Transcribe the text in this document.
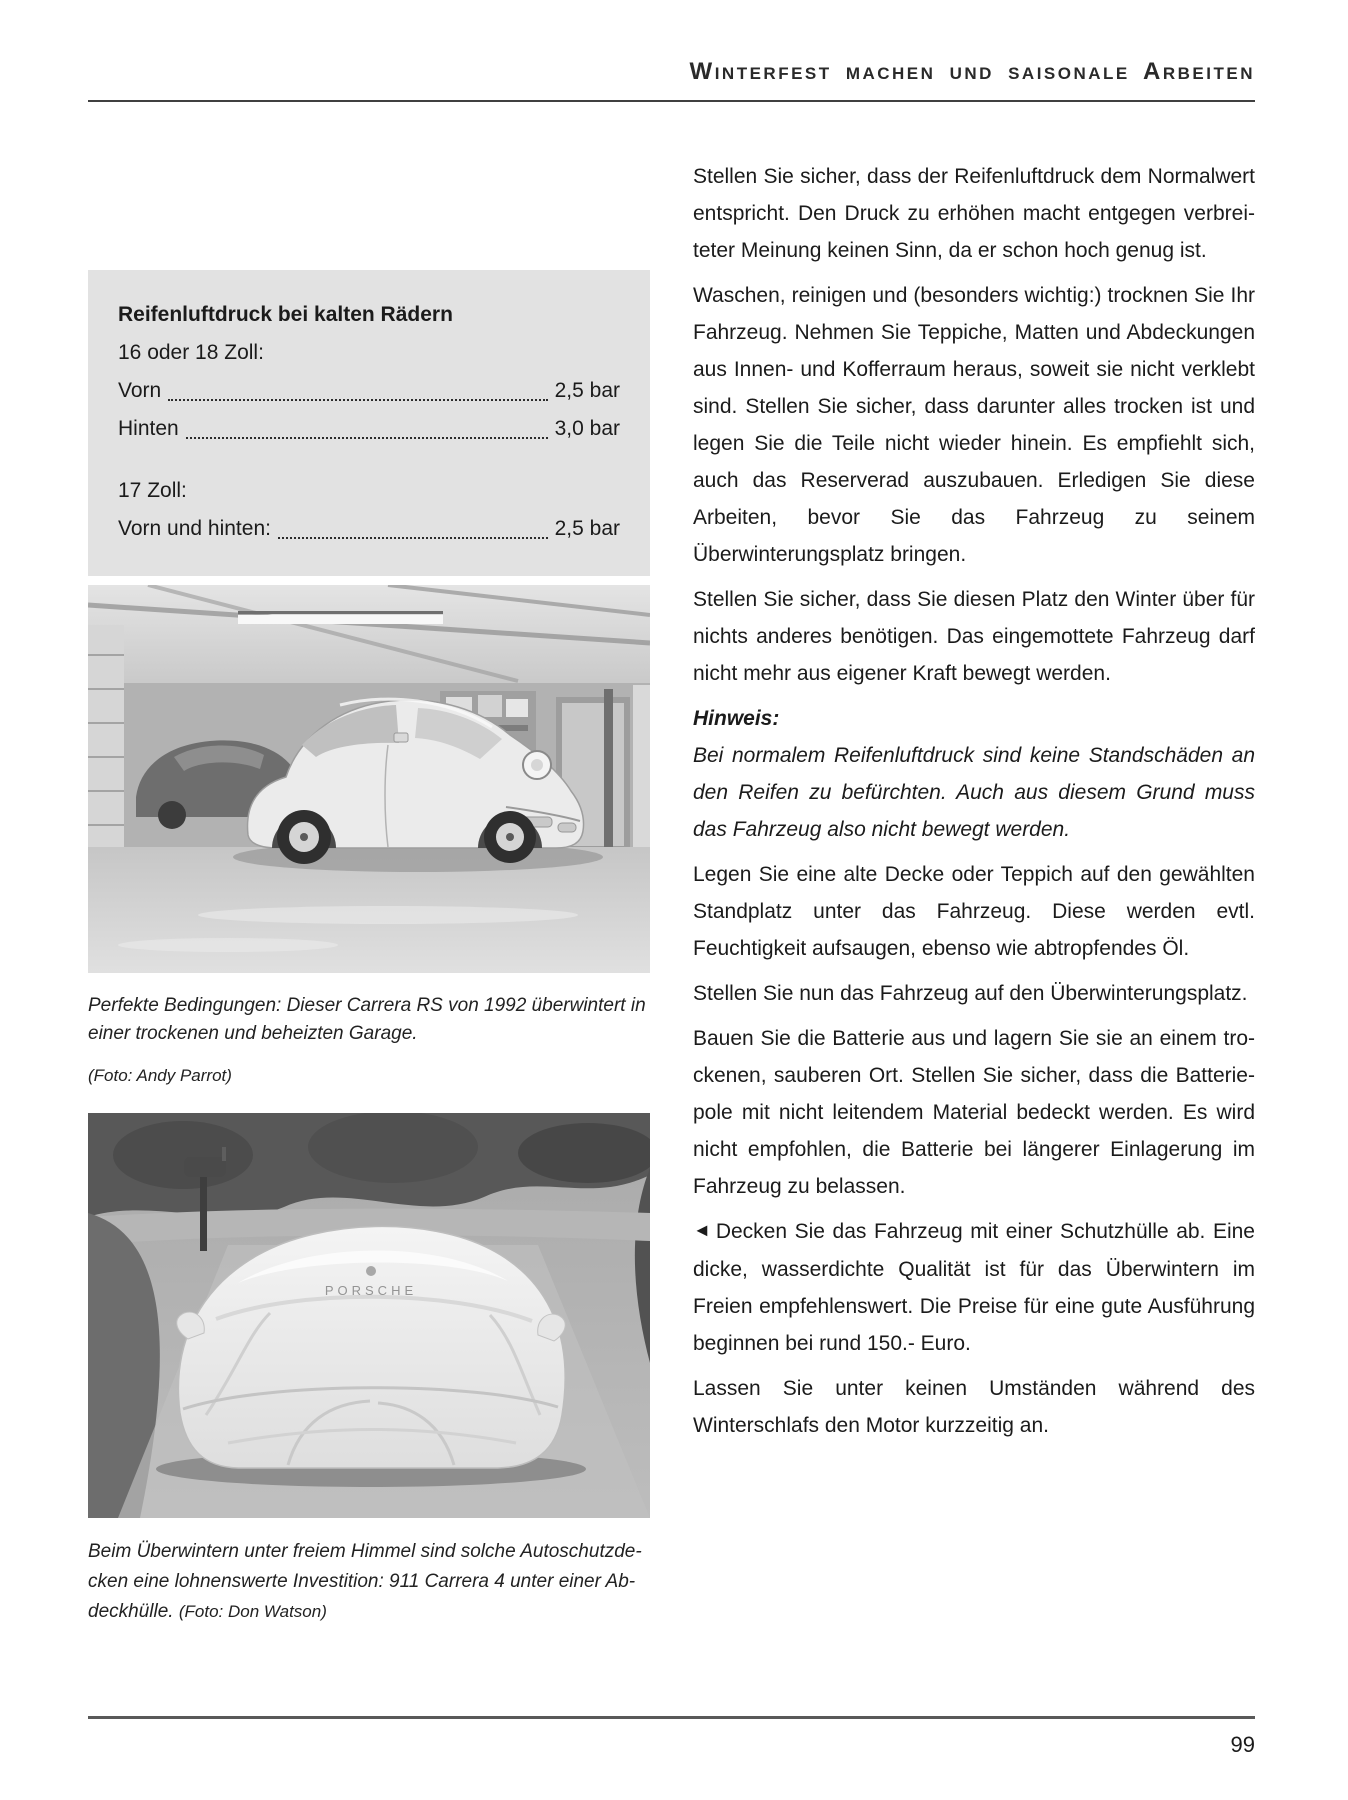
Winterfest machen und saisonale Arbeiten
Reifenluftdruck bei kalten Rädern
16 oder 18 Zoll:
Vorn	2,5 bar
Hinten	3,0 bar
17 Zoll:
Vorn und hinten:	2,5 bar
Perfekte Bedingungen: Dieser Carrera RS von 1992 überwintert in einer trockenen und beheizten Garage.
(Foto: Andy Parrot)
PORSCHE
Beim Überwintern unter freiem Himmel sind solche Autoschutzdecken eine lohnenswerte Investition: 911 Carrera 4 unter einer Abdeckhülle. (Foto: Don Watson)

Stellen Sie sicher, dass der Reifenluftdruck dem Normalwert entspricht. Den Druck zu erhöhen macht entgegen verbreiteter Meinung keinen Sinn, da er schon hoch genug ist.

Waschen, reinigen und (besonders wichtig:) trocknen Sie Ihr Fahrzeug. Nehmen Sie Teppiche, Matten und Abdeckungen aus Innen- und Kofferraum heraus, soweit sie nicht verklebt sind. Stellen Sie sicher, dass darunter alles trocken ist und legen Sie die Teile nicht wieder hinein. Es empfiehlt sich, auch das Reserverad auszubauen. Erledigen Sie diese Arbeiten, bevor Sie das Fahrzeug zu seinem Überwinterungsplatz bringen.

Stellen Sie sicher, dass Sie diesen Platz den Winter über für nichts anderes benötigen. Das eingemottete Fahrzeug darf nicht mehr aus eigener Kraft bewegt werden.

Hinweis:
Bei normalem Reifenluftdruck sind keine Standschäden an den Reifen zu befürchten. Auch aus diesem Grund muss das Fahrzeug also nicht bewegt werden.

Legen Sie eine alte Decke oder Teppich auf den gewählten Standplatz unter das Fahrzeug. Diese werden evtl. Feuchtigkeit aufsaugen, ebenso wie abtropfendes Öl.

Stellen Sie nun das Fahrzeug auf den Überwinterungsplatz.

Bauen Sie die Batterie aus und lagern Sie sie an einem trockenen, sauberen Ort. Stellen Sie sicher, dass die Batteriepole mit nicht leitendem Material bedeckt werden. Es wird nicht empfohlen, die Batterie bei längerer Einlagerung im Fahrzeug zu belassen.

◄ Decken Sie das Fahrzeug mit einer Schutzhülle ab. Eine dicke, wasserdichte Qualität ist für das Überwintern im Freien empfehlenswert. Die Preise für eine gute Ausführung beginnen bei rund 150.- Euro.

Lassen Sie unter keinen Umständen während des Winterschlafs den Motor kurzzeitig an.

99
